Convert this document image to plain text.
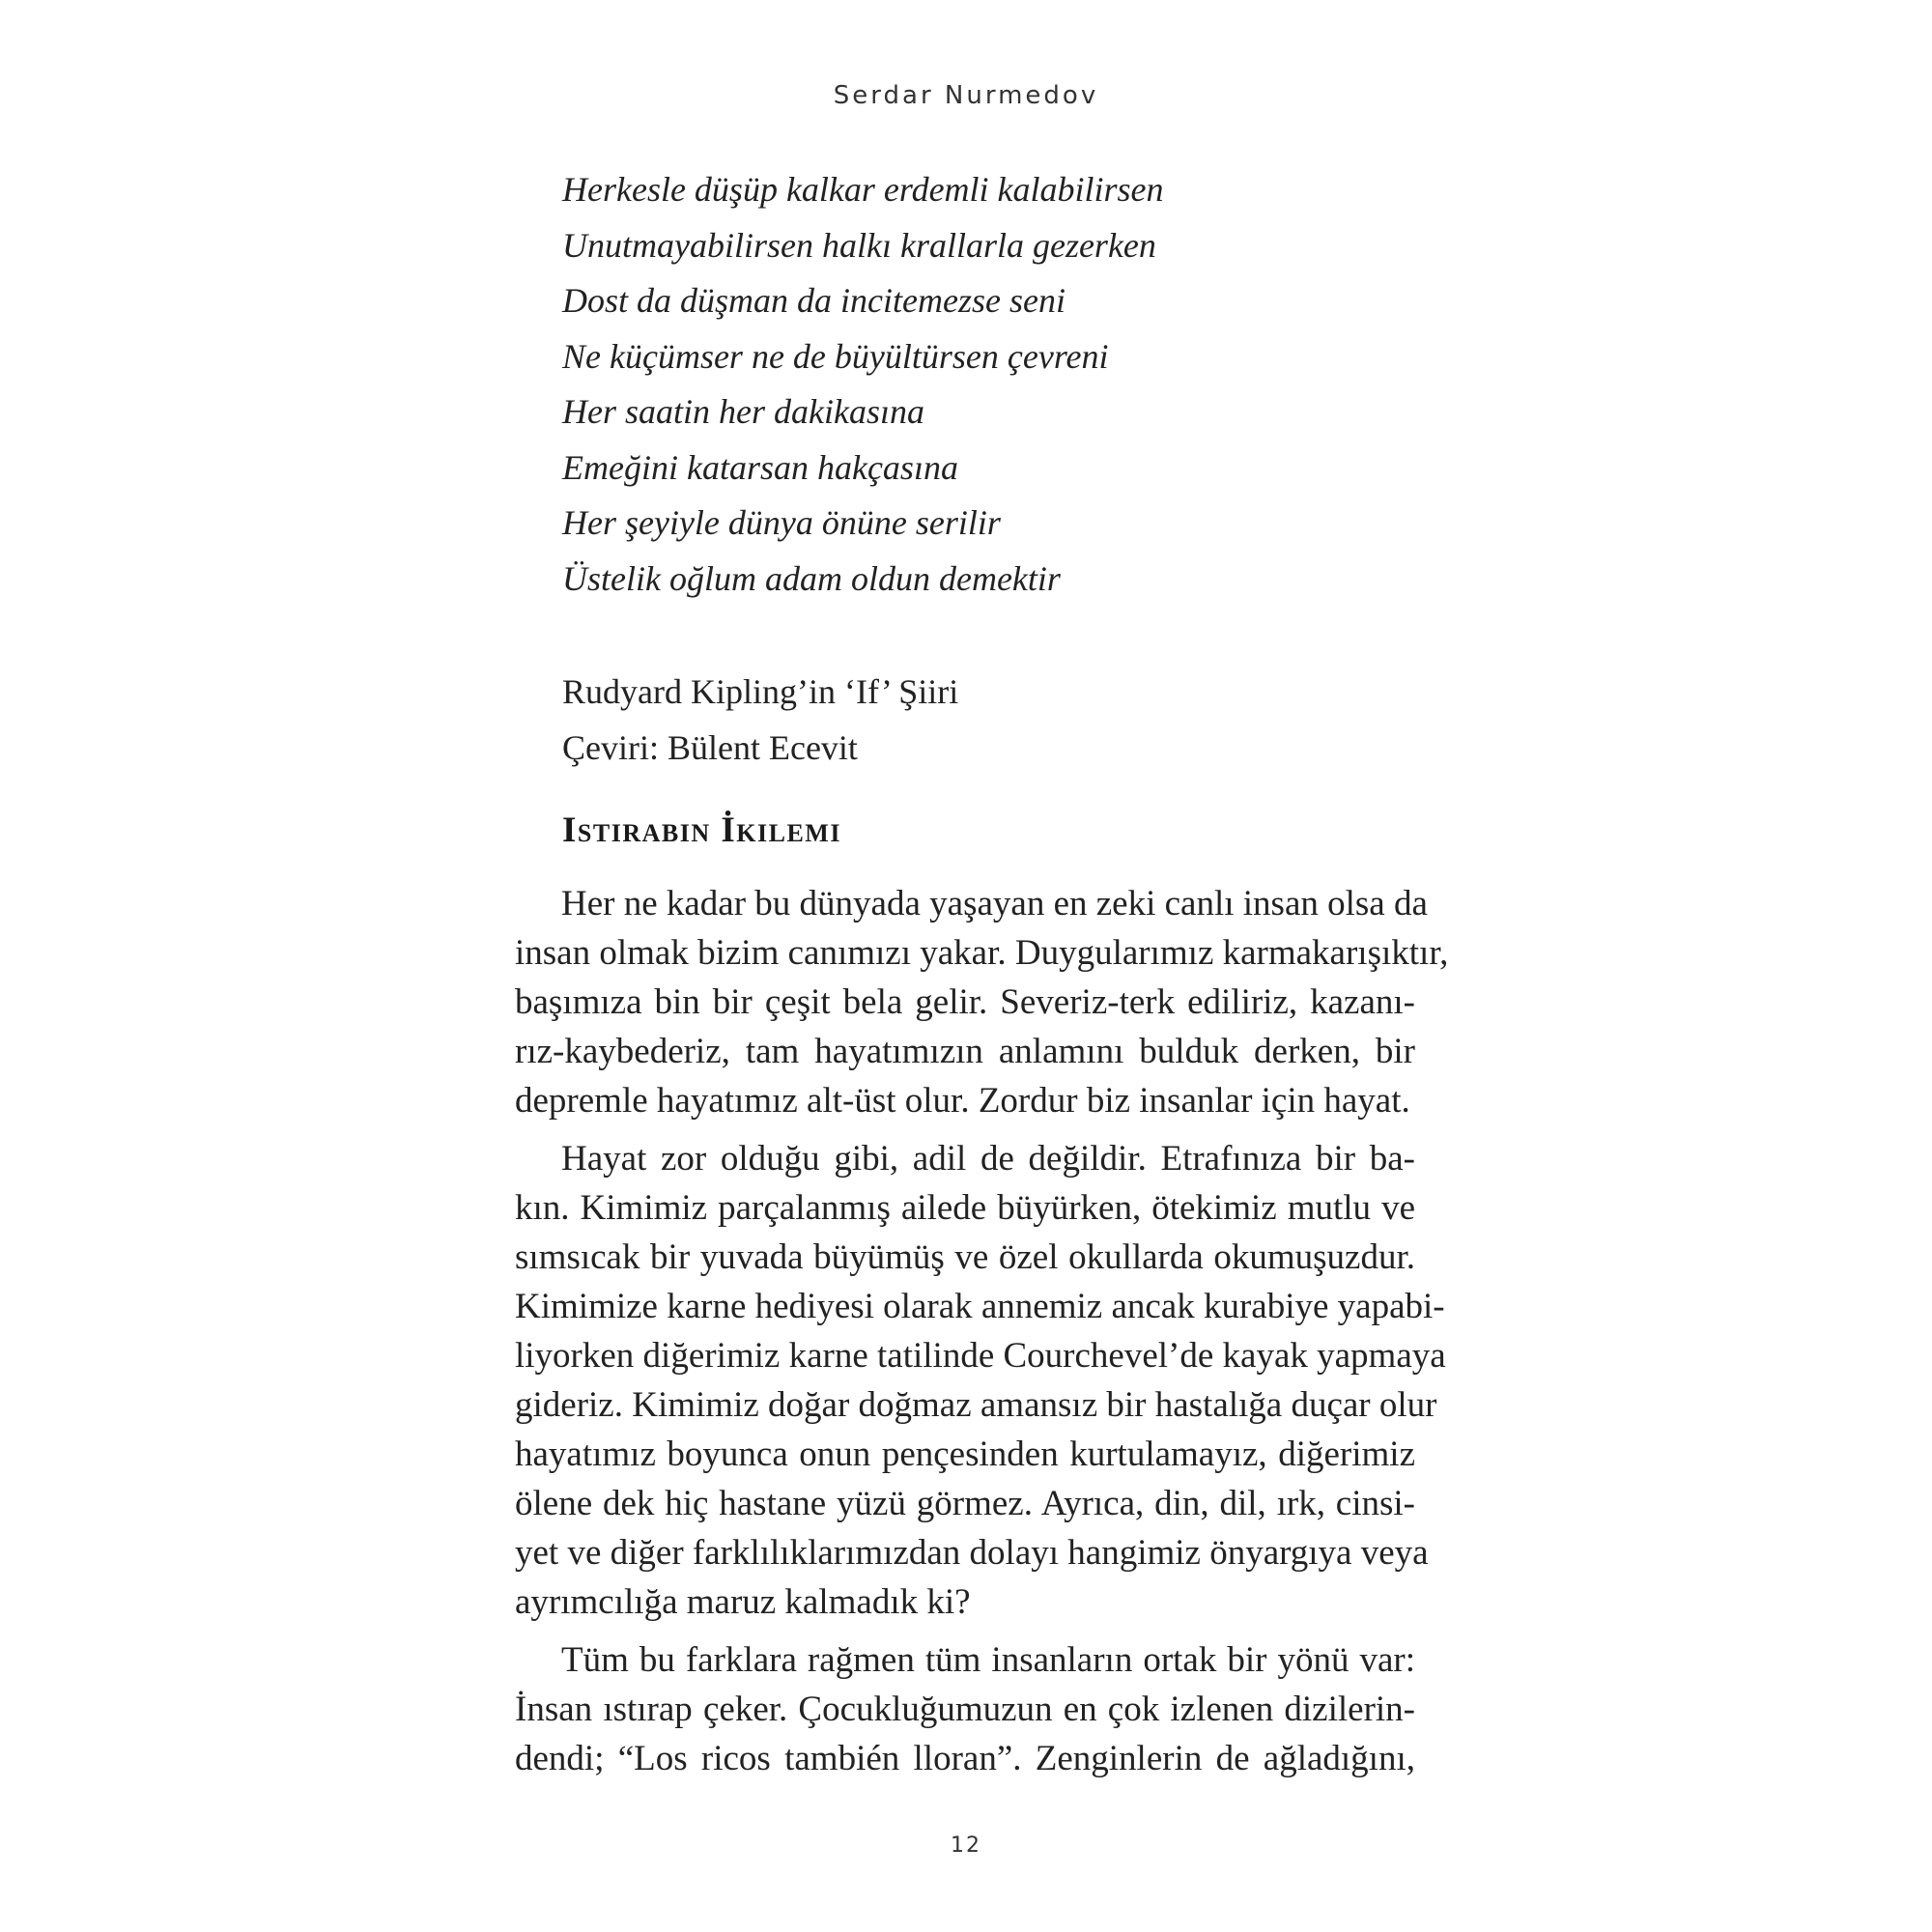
Serdar Nurmedov
Herkesle düşüp kalkar erdemli kalabilirsen
Unutmayabilirsen halkı krallarla gezerken
Dost da düşman da incitemezse seni
Ne küçümser ne de büyültürsen çevreni
Her saatin her dakikasına
Emeğini katarsan hakçasına
Her şeyiyle dünya önüne serilir
Üstelik oğlum adam oldun demektir
Rudyard Kipling’in ‘If’ Şiiri
Çeviri: Bülent Ecevit
Istırabın İkilemi
Her ne kadar bu dünyada yaşayan en zeki canlı insan olsa da
insan olmak bizim canımızı yakar. Duygularımız karmakarışıktır,
başımıza bin bir çeşit bela gelir. Severiz-terk ediliriz, kazanı-
rız-kaybederiz, tam hayatımızın anlamını bulduk derken, bir
depremle hayatımız alt-üst olur. Zordur biz insanlar için hayat.
Hayat zor olduğu gibi, adil de değildir. Etrafınıza bir ba-
kın. Kimimiz parçalanmış ailede büyürken, ötekimiz mutlu ve
sımsıcak bir yuvada büyümüş ve özel okullarda okumuşuzdur.
Kimimize karne hediyesi olarak annemiz ancak kurabiye yapabi-
liyorken diğerimiz karne tatilinde Courchevel’de kayak yapmaya
gideriz. Kimimiz doğar doğmaz amansız bir hastalığa duçar olur
hayatımız boyunca onun pençesinden kurtulamayız, diğerimiz
ölene dek hiç hastane yüzü görmez. Ayrıca, din, dil, ırk, cinsi-
yet ve diğer farklılıklarımızdan dolayı hangimiz önyargıya veya
ayrımcılığa maruz kalmadık ki?
Tüm bu farklara rağmen tüm insanların ortak bir yönü var:
İnsan ıstırap çeker. Çocukluğumuzun en çok izlenen dizilerin-
dendi; “Los ricos también lloran”. Zenginlerin de ağladığını,
12
